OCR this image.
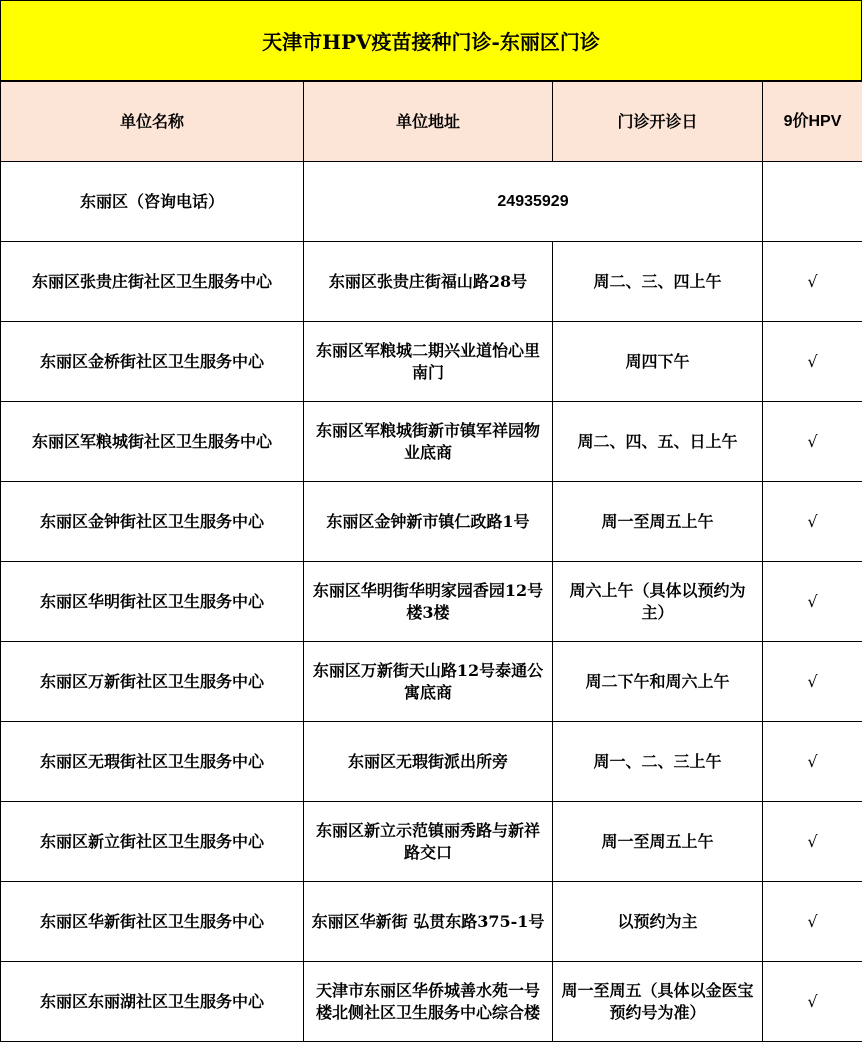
天津市HPV疫苗接种门诊-东丽区门诊
单位名称	单位地址	门诊开诊日	9价HPV
东丽区（咨询电话）	24935929		
东丽区张贵庄街社区卫生服务中心	东丽区张贵庄街福山路28号	周二、三、四上午	√
东丽区金桥街社区卫生服务中心	东丽区军粮城二期兴业道怡心里南门	周四下午	√
东丽区军粮城街社区卫生服务中心	东丽区军粮城街新市镇军祥园物业底商	周二、四、五、日上午	√
东丽区金钟街社区卫生服务中心	东丽区金钟新市镇仁政路1号	周一至周五上午	√
东丽区华明街社区卫生服务中心	东丽区华明街华明家园香园12号楼3楼	周六上午（具体以预约为主）	√
东丽区万新街社区卫生服务中心	东丽区万新街天山路12号泰通公寓底商	周二下午和周六上午	√
东丽区无瑕街社区卫生服务中心	东丽区无瑕街派出所旁	周一、二、三上午	√
东丽区新立街社区卫生服务中心	东丽区新立示范镇丽秀路与新祥路交口	周一至周五上午	√
东丽区华新街社区卫生服务中心	东丽区华新街 弘贯东路375-1号	以预约为主	√
东丽区东丽湖社区卫生服务中心	天津市东丽区华侨城善水苑一号楼北侧社区卫生服务中心综合楼	周一至周五（具体以金医宝预约号为准）	√
